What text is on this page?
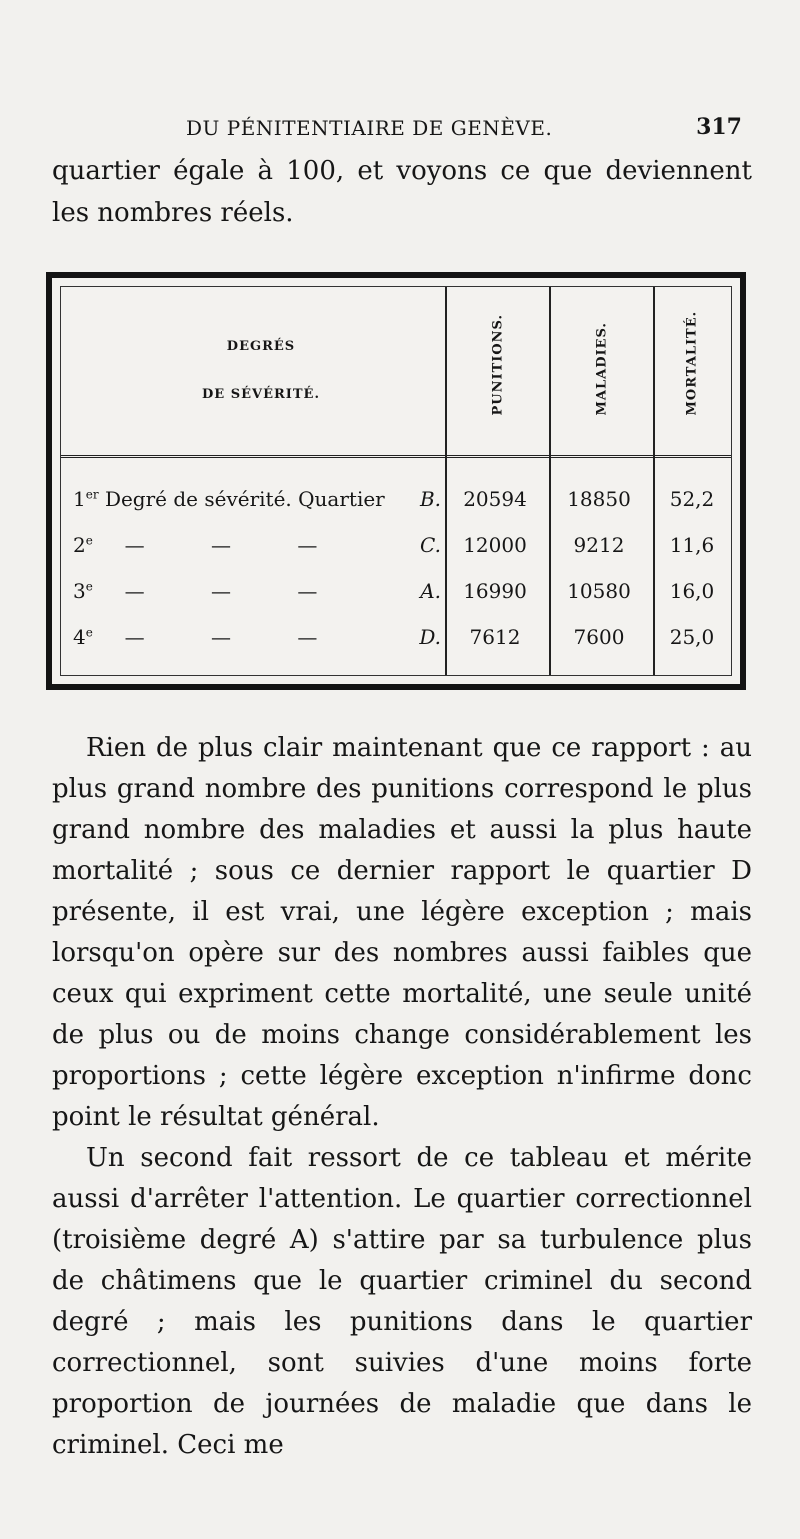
DU PÉNITENTIAIRE DE GENÈVE.	317

quartier égale à 100, et voyons ce que deviennent les nombres réels.

DEGRÉS
DE SÉVÉRITÉ.	PUNITIONS.	MALADIES.	MORTALITÉ.
1er Degré de sévérité. Quartier	B.	20594	18850	52,2
2e — — —	C.	12000	9212	11,6
3e — — —	A.	16990	10580	16,0
4e — — —	D.	7612	7600	25,0

Rien de plus clair maintenant que ce rapport : au plus grand nombre des punitions correspond le plus grand nombre des maladies et aussi la plus haute mortalité ; sous ce dernier rapport le quartier D présente, il est vrai, une légère exception ; mais lorsqu'on opère sur des nombres aussi faibles que ceux qui expriment cette mortalité, une seule unité de plus ou de moins change considérablement les proportions ; cette légère exception n'infirme donc point le résultat général.

Un second fait ressort de ce tableau et mérite aussi d'arrêter l'attention. Le quartier correctionnel (troisième degré A) s'attire par sa turbulence plus de châtimens que le quartier criminel du second degré ; mais les punitions dans le quartier correctionnel, sont suivies d'une moins forte proportion de journées de maladie que dans le criminel. Ceci me
